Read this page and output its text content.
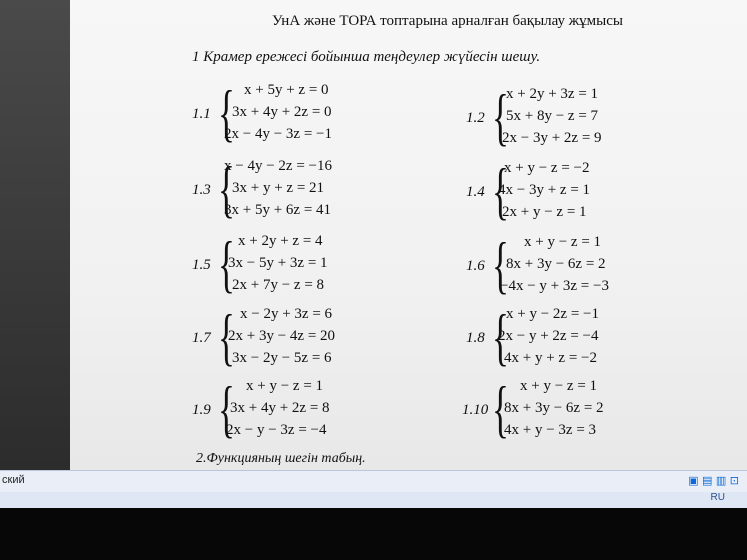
УнА және ТОРА топтарына арналған бақылау жұмысы
1 Крамер ережесі бойынша теңдеулер жүйесін шешу.
1.1 { x + 5y + z = 0
3x + 4y + 2z = 0
2x − 4y − 3z = −1
1.3 {
x − 4y − 2z = −16
3x + y + z = 21
3x + 5y + 6z = 41
1.5 { x + 2y + z = 4
3x − 5y + 3z = 1
2x + 7y − z = 8
1.7 { x − 2y + 3z = 6
2x + 3y − 4z = 20
3x − 2y − 5z = 6
1.9 { x + y − z = 1
3x + 4y + 2z = 8
2x − y − 3z = −4
1.2 {
x + 2y + 3z = 1
5x + 8y − z = 7
2x − 3y + 2z = 9
1.4 {
x + y − z = −2
4x − 3y + z = 1
2x + y − z = 1
1.6 { x + y − z = 1
8x + 3y − 6z = 2
−4x − y + 3z = −3
1.8 {
x + y − 2z = −1
2x − y + 2z = −4
4x + y + z = −2
1.10 { x + y − z = 1
8x + 3y − 6z = 2
4x + y − 3z = 3
2.Функцияның шегін табың.
ский	▣ ▤ ▥ ⊡
RU
